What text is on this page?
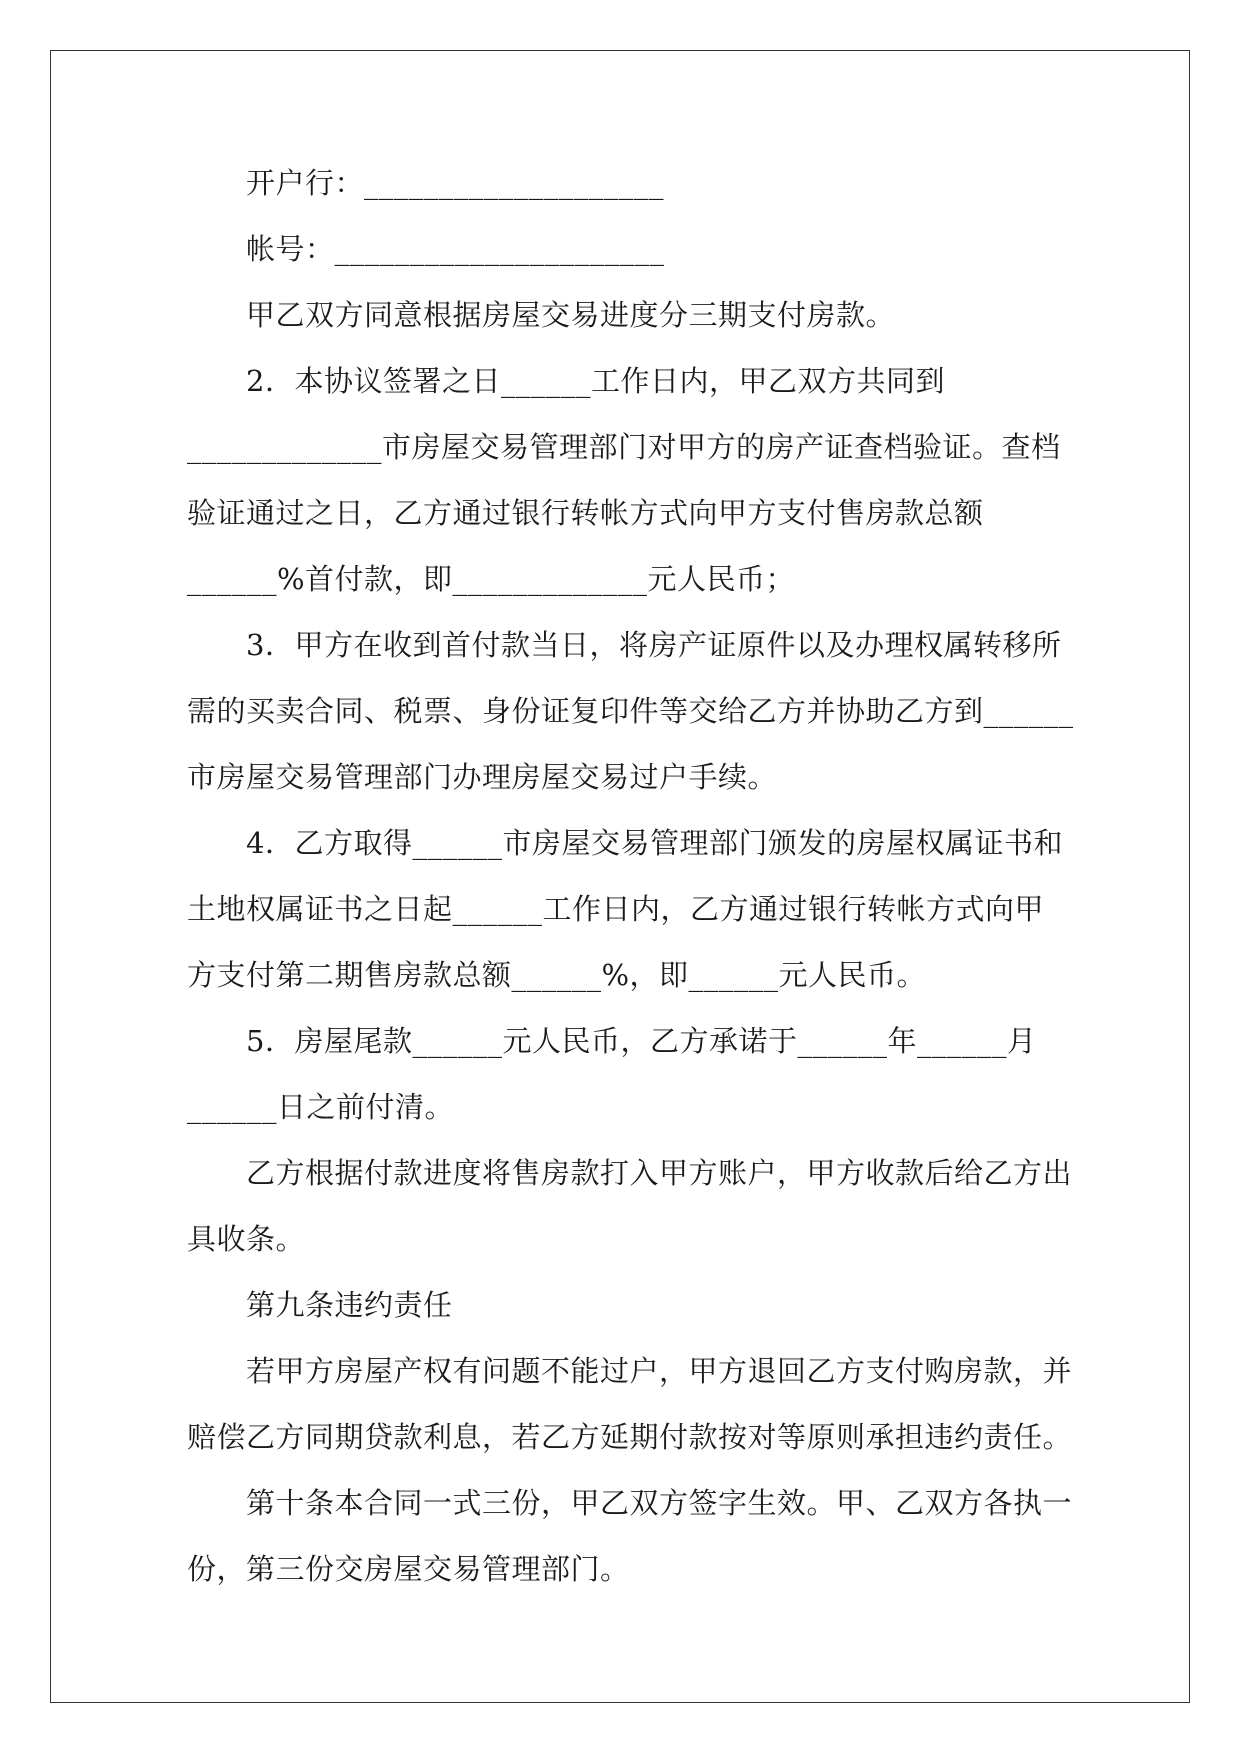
开户行：____________________
帐号：______________________
甲乙双方同意根据房屋交易进度分三期支付房款。
2．本协议签署之日______工作日内，甲乙双方共同到
_____________市房屋交易管理部门对甲方的房产证查档验证。查档
验证通过之日，乙方通过银行转帐方式向甲方支付售房款总额
______%首付款，即_____________元人民币；
3．甲方在收到首付款当日，将房产证原件以及办理权属转移所
需的买卖合同、税票、身份证复印件等交给乙方并协助乙方到______
市房屋交易管理部门办理房屋交易过户手续。
4．乙方取得______市房屋交易管理部门颁发的房屋权属证书和
土地权属证书之日起______工作日内，乙方通过银行转帐方式向甲
方支付第二期售房款总额______%，即______元人民币。
5．房屋尾款______元人民币，乙方承诺于______年______月
______日之前付清。
乙方根据付款进度将售房款打入甲方账户，甲方收款后给乙方出
具收条。
第九条违约责任
若甲方房屋产权有问题不能过户，甲方退回乙方支付购房款，并
赔偿乙方同期贷款利息，若乙方延期付款按对等原则承担违约责任。
第十条本合同一式三份，甲乙双方签字生效。甲、乙双方各执一
份，第三份交房屋交易管理部门。
